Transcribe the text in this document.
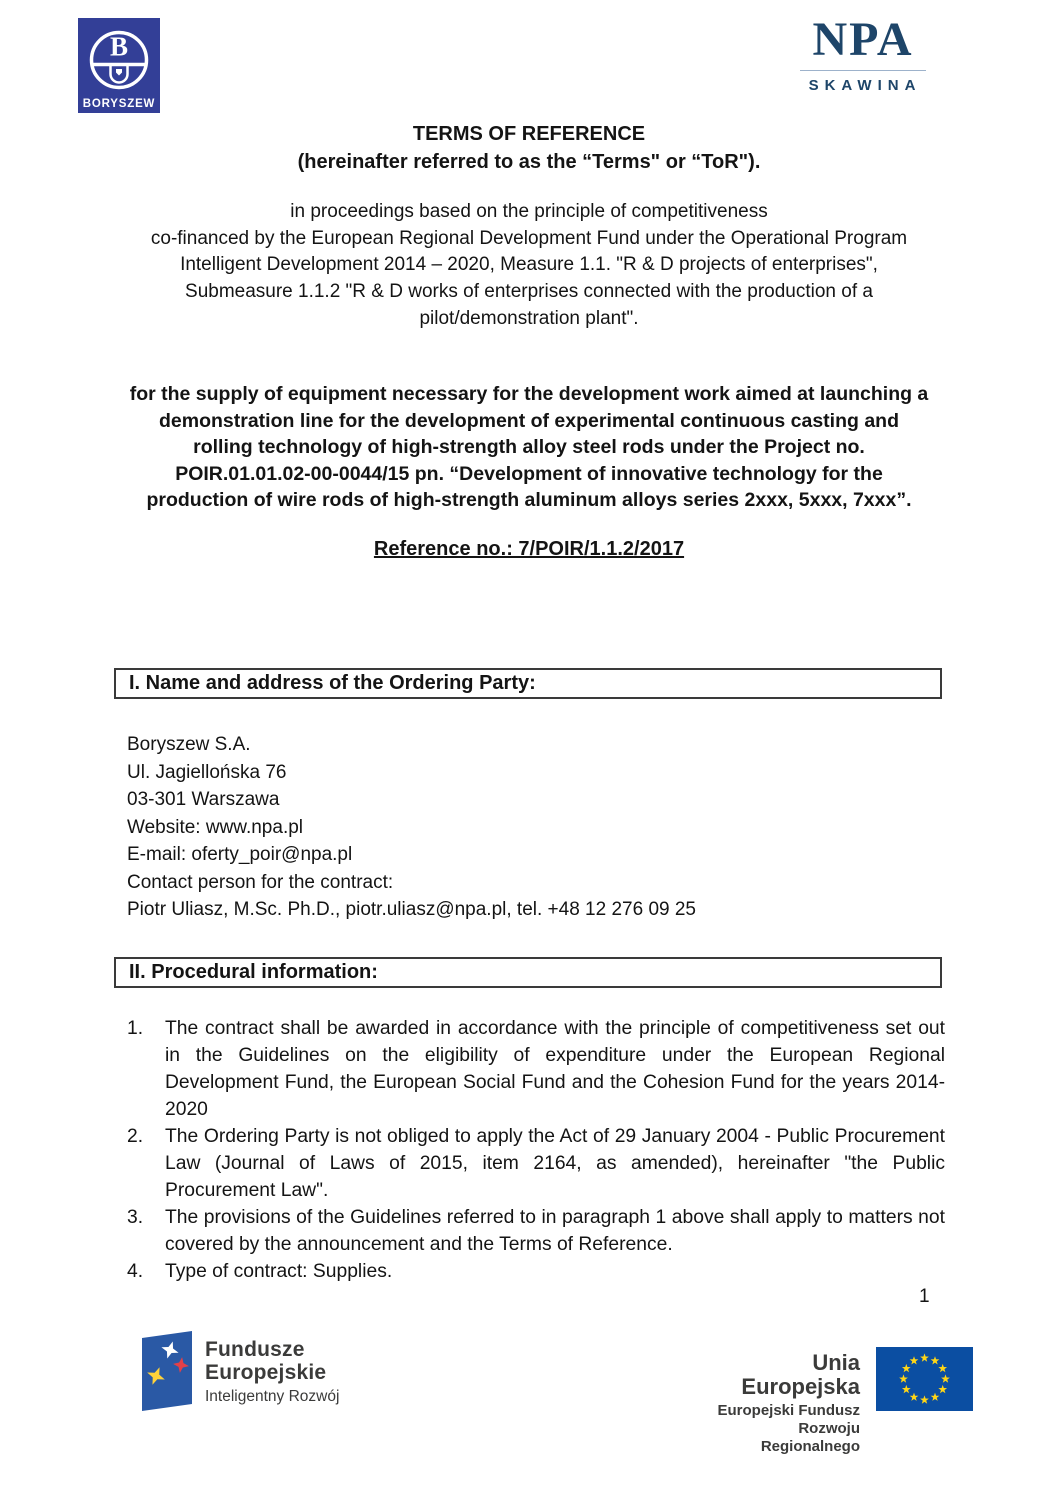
B
BORYSZEW
NPA
SKAWINA
TERMS OF REFERENCE
(hereinafter referred to as the “Terms" or “ToR").
in proceedings based on the principle of competitiveness
co-financed by the European Regional Development Fund under the Operational Program
Intelligent Development 2014 – 2020, Measure 1.1. "R & D projects of enterprises",
Submeasure 1.1.2 "R & D works of enterprises connected with the production of a
pilot/demonstration plant".
for the supply of equipment necessary for the development work aimed at launching a
demonstration line for the development of experimental continuous casting and
rolling technology of high-strength alloy steel rods under the Project no.
POIR.01.01.02-00-0044/15 pn. “Development of innovative technology for the
production of wire rods of high-strength aluminum alloys series 2xxx, 5xxx, 7xxx”.
Reference no.: 7/POIR/1.1.2/2017
I. Name and address of the Ordering Party:
Boryszew S.A.
Ul. Jagiellońska 76
03-301 Warszawa
Website: www.npa.pl
E-mail: oferty_poir@npa.pl
Contact person for the contract:
Piotr Uliasz, M.Sc. Ph.D., piotr.uliasz@npa.pl, tel. +48 12 276 09 25
II. Procedural information:
1.	The contract shall be awarded in accordance with the principle of competitiveness set out in the Guidelines on the eligibility of expenditure under the European Regional Development Fund, the European Social Fund and the Cohesion Fund for the years 2014-2020
2.	The Ordering Party is not obliged to apply the Act of 29 January 2004 - Public Procurement Law (Journal of Laws of 2015, item 2164, as amended), hereinafter "the Public Procurement Law".
3.	The provisions of the Guidelines referred to in paragraph 1 above shall apply to matters not covered by the announcement and the Terms of Reference.
4.	Type of contract: Supplies.
1
Fundusze
Europejskie
Inteligentny Rozwój
Unia Europejska
Europejski Fundusz
Rozwoju Regionalnego
